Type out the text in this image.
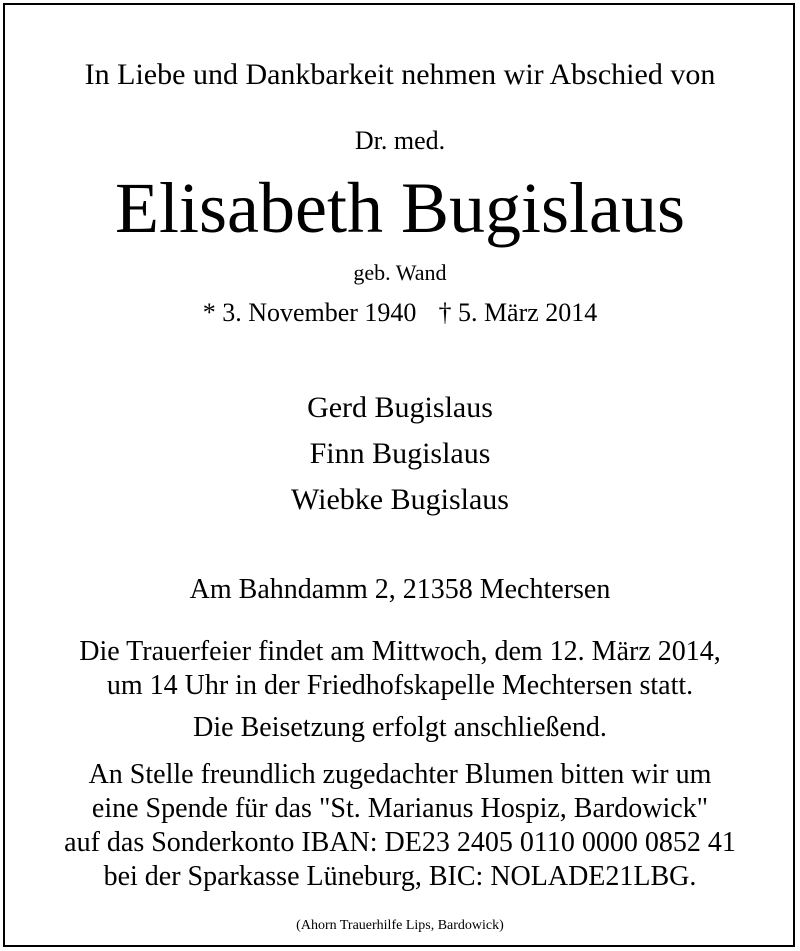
In Liebe und Dankbarkeit nehmen wir Abschied von
Dr. med.
Elisabeth Bugislaus
geb. Wand
* 3. November 1940 † 5. März 2014
Gerd Bugislaus
Finn Bugislaus
Wiebke Bugislaus
Am Bahndamm 2, 21358 Mechtersen
Die Trauerfeier findet am Mittwoch, dem 12. März 2014,
um 14 Uhr in der Friedhofskapelle Mechtersen statt.
Die Beisetzung erfolgt anschließend.
An Stelle freundlich zugedachter Blumen bitten wir um
eine Spende für das "St. Marianus Hospiz, Bardowick"
auf das Sonderkonto IBAN: DE23 2405 0110 0000 0852 41
bei der Sparkasse Lüneburg, BIC: NOLADE21LBG.
(Ahorn Trauerhilfe Lips, Bardowick)
